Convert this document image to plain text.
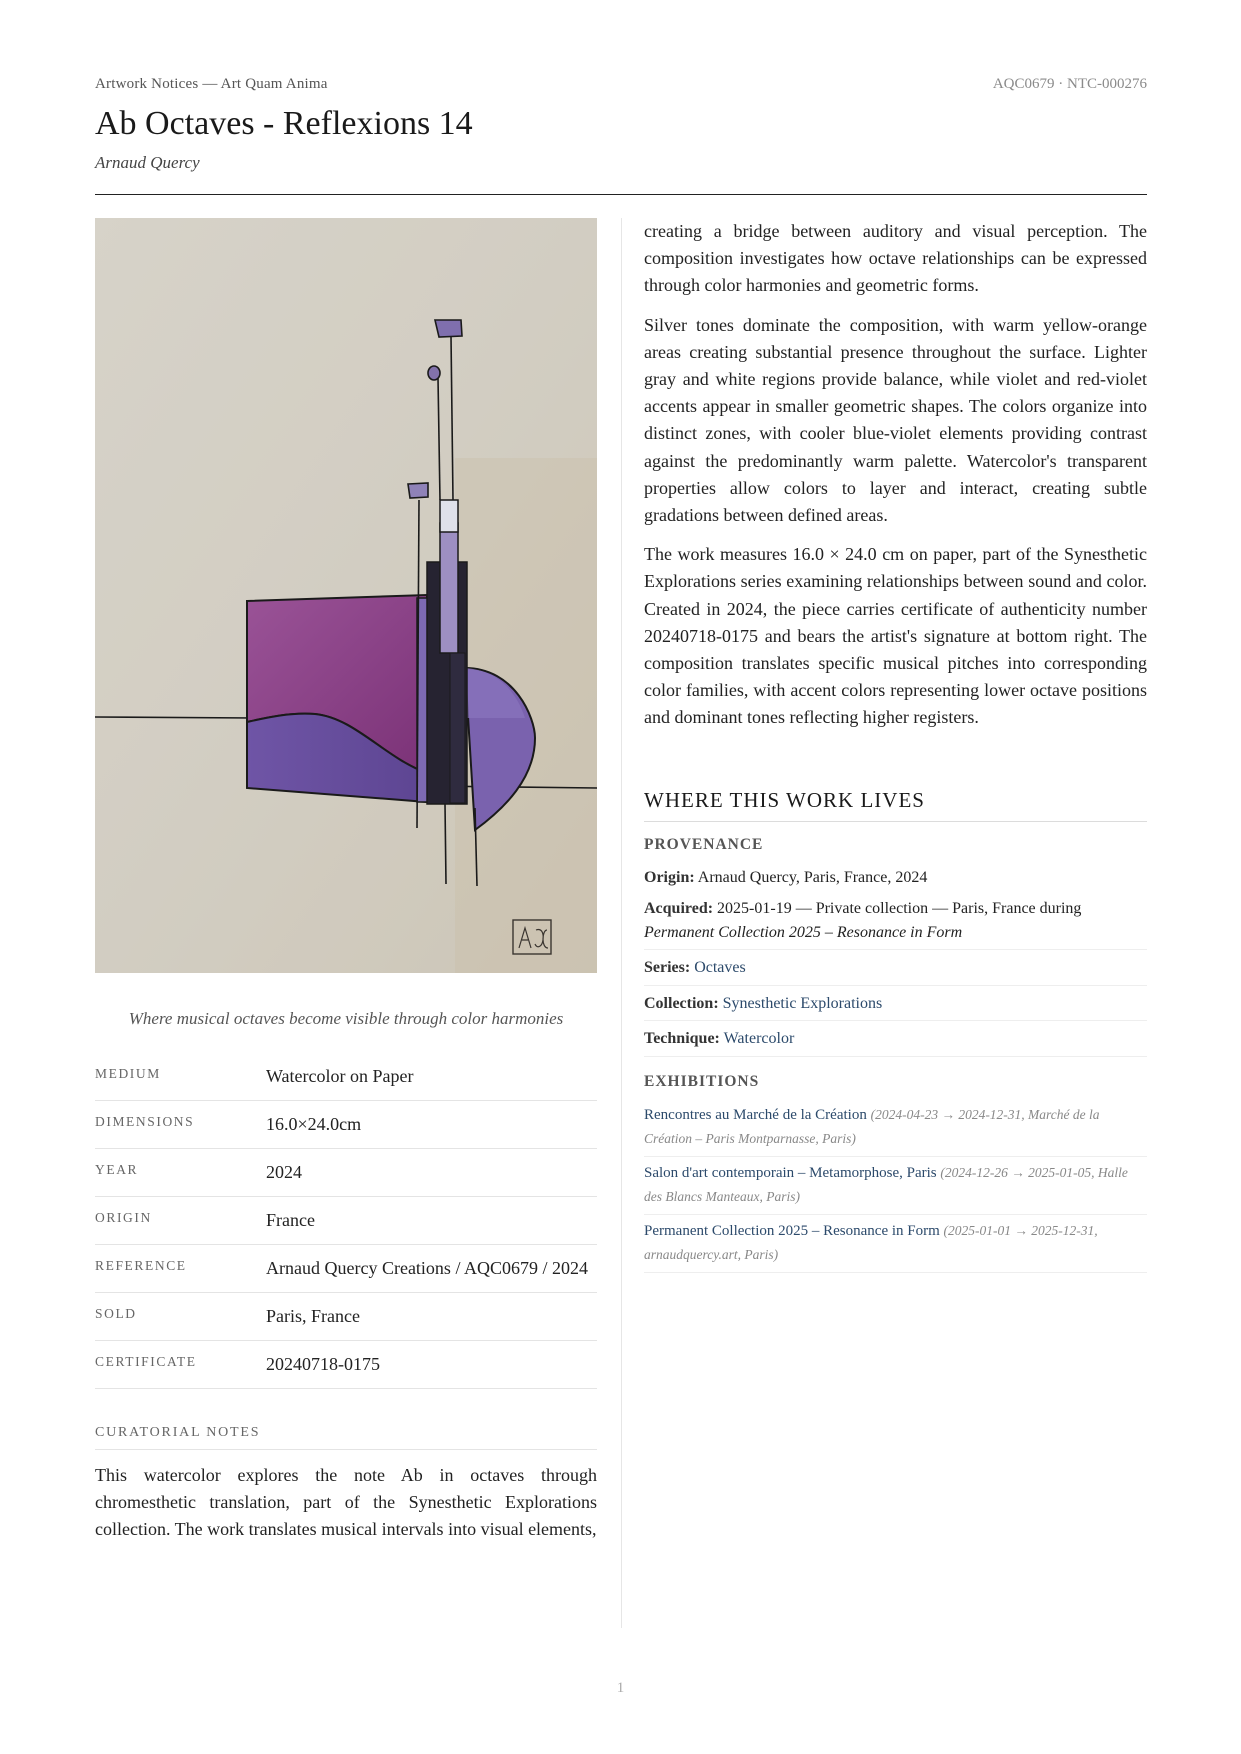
Artwork Notices — Art Quam Anima	AQC0679 · NTC-000276
Ab Octaves - Reflexions 14
Arnaud Quercy
Where musical octaves become visible through color harmonies
MEDIUM	Watercolor on Paper
DIMENSIONS	16.0×24.0cm
YEAR	2024
ORIGIN	France
REFERENCE	Arnaud Quercy Creations / AQC0679 / 2024
SOLD	Paris, France
CERTIFICATE	20240718-0175
CURATORIAL NOTES
This watercolor explores the note Ab in octaves through chromesthetic translation, part of the Synesthetic Explorations collection. The work translates musical intervals into visual elements,

creating a bridge between auditory and visual perception. The composition investigates how octave relationships can be expressed through color harmonies and geometric forms.

Silver tones dominate the composition, with warm yellow-orange areas creating substantial presence throughout the surface. Lighter gray and white regions provide balance, while violet and red-violet accents appear in smaller geometric shapes. The colors organize into distinct zones, with cooler blue-violet elements providing contrast against the predominantly warm palette. Watercolor's transparent properties allow colors to layer and interact, creating subtle gradations between defined areas.

The work measures 16.0 × 24.0 cm on paper, part of the Synesthetic Explorations series examining relationships between sound and color. Created in 2024, the piece carries certificate of authenticity number 20240718-0175 and bears the artist's signature at bottom right. The composition translates specific musical pitches into corresponding color families, with accent colors representing lower octave positions and dominant tones reflecting higher registers.

WHERE THIS WORK LIVES
PROVENANCE
Origin: Arnaud Quercy, Paris, France, 2024
Acquired: 2025-01-19 — Private collection — Paris, France during Permanent Collection 2025 – Resonance in Form
Series: Octaves
Collection: Synesthetic Explorations
Technique: Watercolor
EXHIBITIONS
Rencontres au Marché de la Création (2024-04-23 → 2024-12-31, Marché de la Création – Paris Montparnasse, Paris)
Salon d'art contemporain – Metamorphose, Paris (2024-12-26 → 2025-01-05, Halle des Blancs Manteaux, Paris)
Permanent Collection 2025 – Resonance in Form (2025-01-01 → 2025-12-31, arnaudquercy.art, Paris)
1
